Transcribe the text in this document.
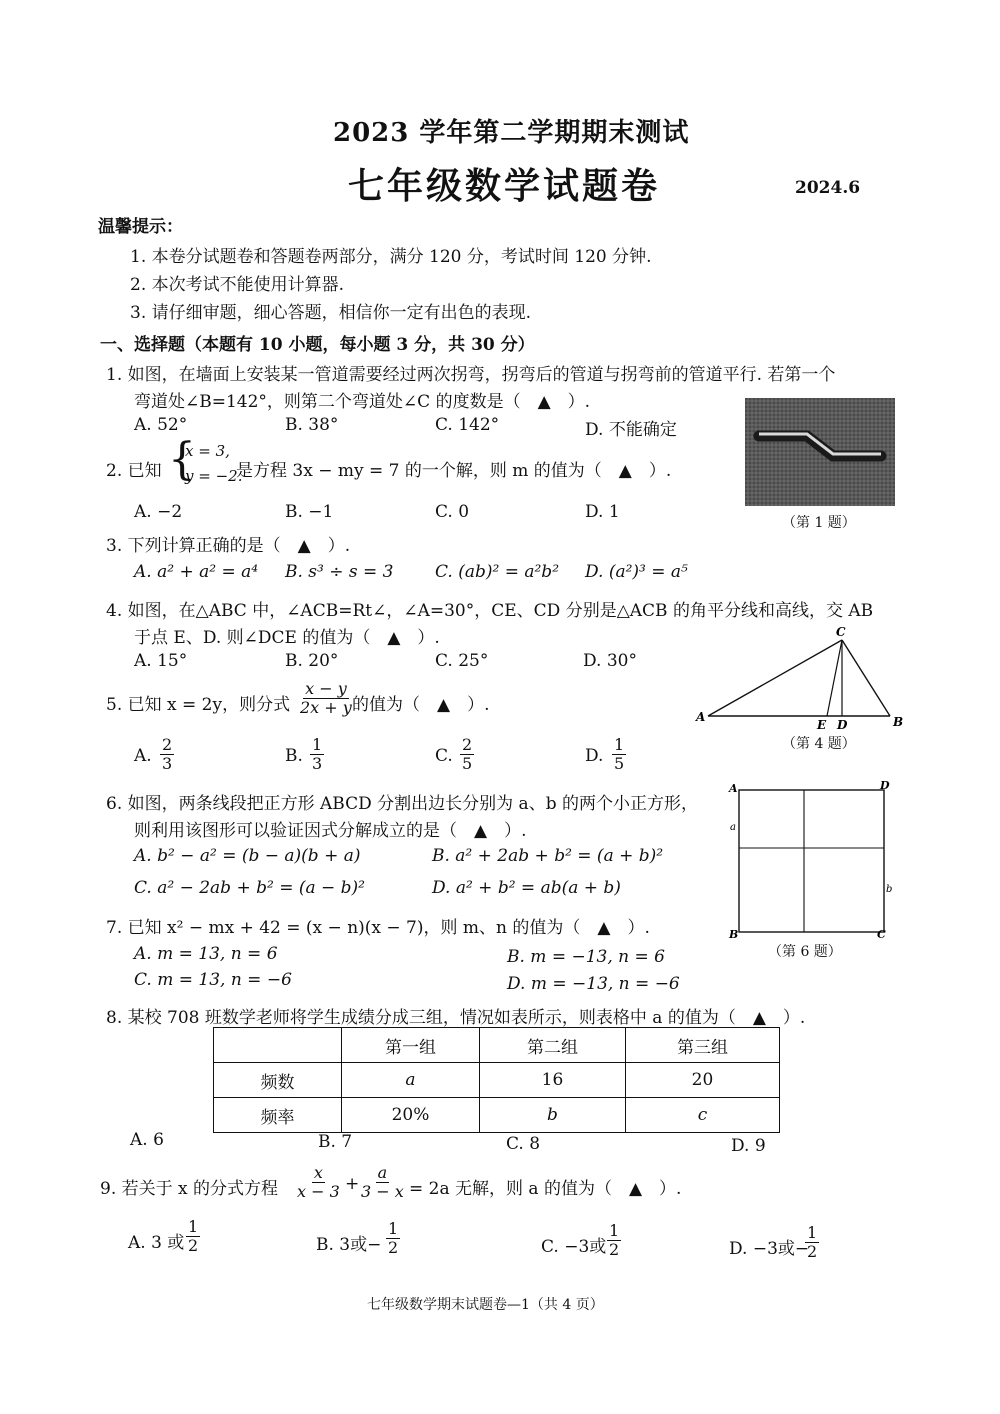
2023 学年第二学期期末测试
七年级数学试题卷	2024.6
温馨提示：
1. 本卷分试题卷和答题卷两部分，满分 120 分，考试时间 120 分钟.
2. 本次考试不能使用计算器.
3. 请仔细审题，细心答题，相信你一定有出色的表现.
一、选择题（本题有 10 小题，每小题 3 分，共 30 分）
1. 如图，在墙面上安装某一管道需要经过两次拐弯，拐弯后的管道与拐弯前的管道平行. 若第一个
弯道处∠B=142°，则第二个弯道处∠C 的度数是（　▲　）.
A. 52°	B. 38°	C. 142°	D. 不能确定
（第 1 题）
2. 已知 {
x = 3,
y = −2.
是方程 3x − my = 7 的一个解，则 m 的值为（　▲　）.
A. −2	B. −1	C. 0	D. 1
3. 下列计算正确的是（　▲　）.
A. a² + a² = a⁴ B. s³ ÷ s = 3 C. (ab)² = a²b² D. (a²)³ = a⁵
4. 如图，在△ABC 中，∠ACB=Rt∠，∠A=30°，CE、CD 分别是△ACB 的角平分线和高线，交 AB
于点 E、D. 则∠DCE 的值为（　▲　）.
A. 15°	B. 20°	C. 25°	D. 30°
C
A	B
E D
（第 4 题）
5. 已知 x = 2y，则分式 $\frac{x - y}{2x + y}$
的值为（　▲　）.
A. $\frac{2}{3}$	B. $\frac{1}{3}$	C. $\frac{2}{5}$	D. $\frac{1}{5}$
6. 如图，两条线段把正方形 ABCD 分割出边长分别为 a、b 的两个小正方形，
则利用该图形可以验证因式分解成立的是（　▲　）.
A. b² − a² = (b − a)(b + a)	B. a² + 2ab + b² = (a + b)²
C. a² − 2ab + b² = (a − b)²	D. a² + b² = ab(a + b)
A	D
B	C
a
b
（第 6 题）
7. 已知 x² − mx + 42 = (x − n)(x − 7)，则 m、n 的值为（　▲　）.
A. m = 13, n = 6	B. m = −13, n = 6
C. m = 13, n = −6	D. m = −13, n = −6
8. 某校 708 班数学老师将学生成绩分成三组，情况如表所示，则表格中 a 的值为（　▲　）.
	第一组	第二组	第三组
频数	a	16	20
频率	20%	b	c
A. 6	B. 7	C. 8	D. 9
9. 若关于 x 的分式方程 $\frac{x}{x - 3} + \frac{a}{3 - x} = 2a$ 无解，则 a 的值为（　▲　）.
A. 3 或 $\frac{1}{2}$	B. 3或− $\frac{1}{2}$	C. −3或 $\frac{1}{2}$	D. −3或−
$\frac{1}{2}$
七年级数学期末试题卷—1（共 4 页）
